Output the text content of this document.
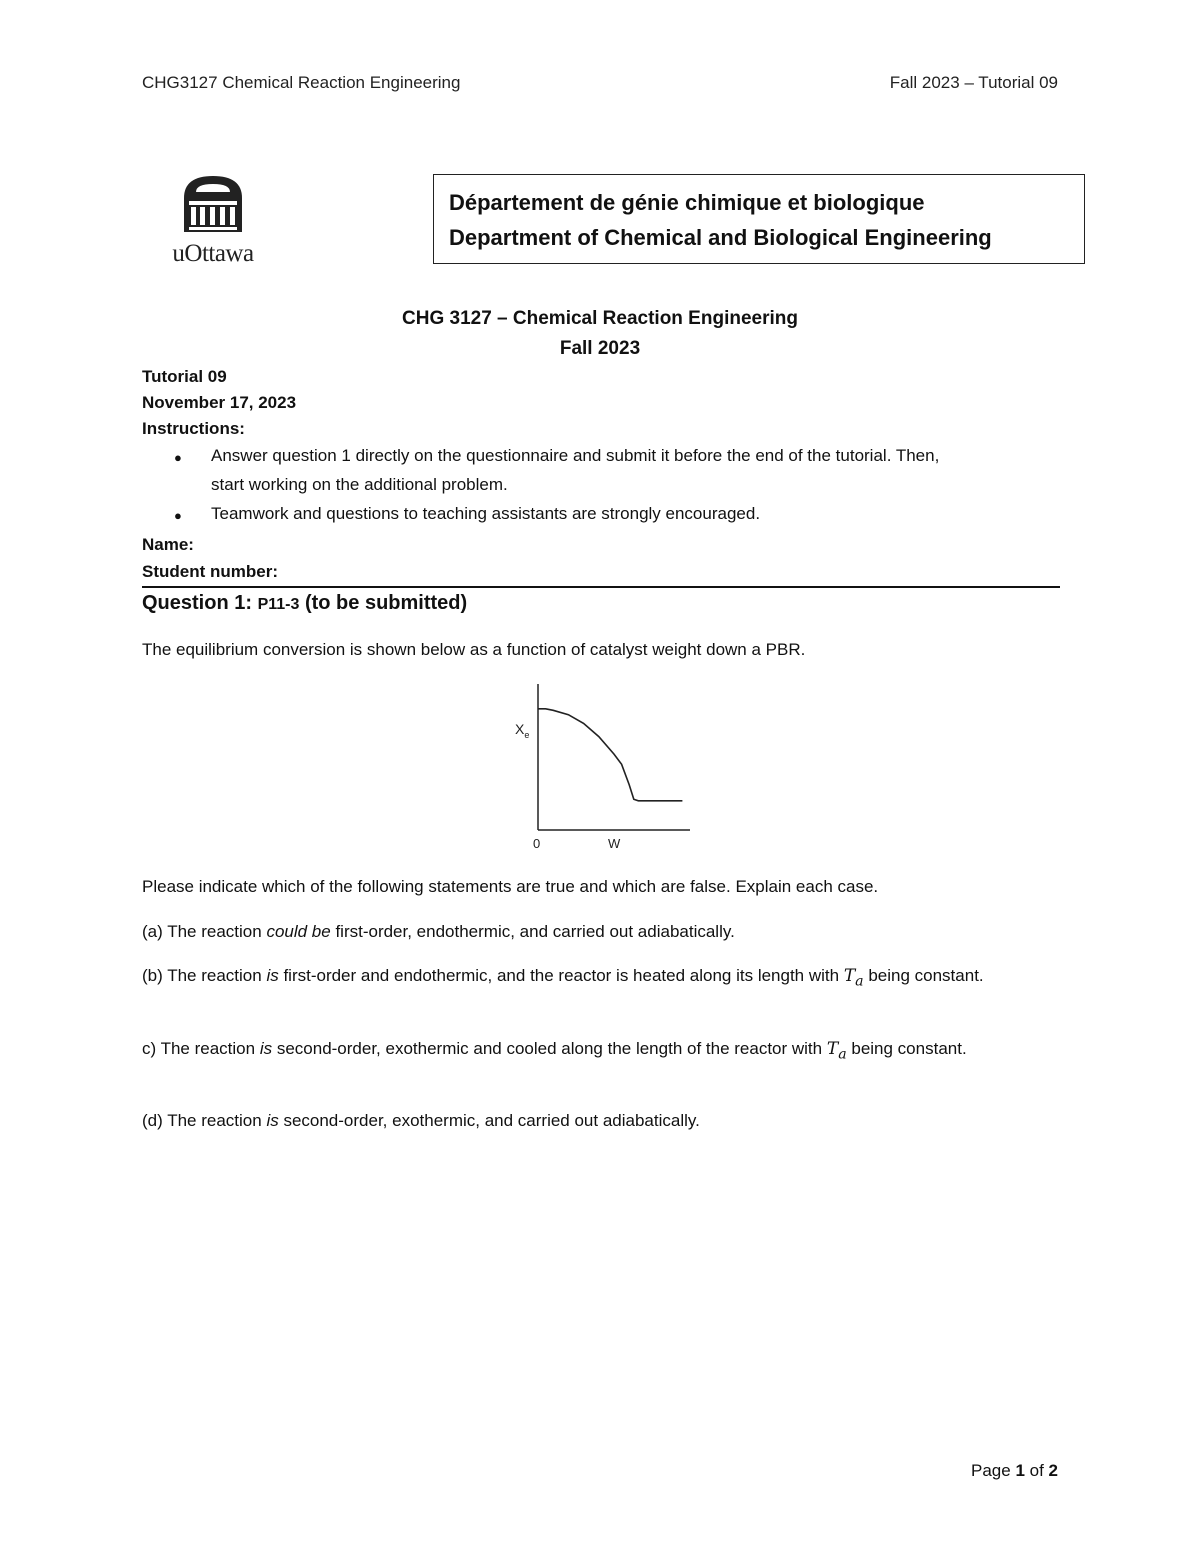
CHG3127 Chemical Reaction Engineering	Fall 2023 – Tutorial 09
uOttawa
Département de génie chimique et biologique
Department of Chemical and Biological Engineering
CHG 3127 – Chemical Reaction Engineering
Fall 2023
Tutorial 09
November 17, 2023
Instructions:
● Answer question 1 directly on the questionnaire and submit it before the end of the tutorial. Then,
start working on the additional problem.
● Teamwork and questions to teaching assistants are strongly encouraged.
Name:
Student number:
Question 1: P11-3 (to be submitted)
The equilibrium conversion is shown below as a function of catalyst weight down a PBR.
$X_e$
0	W
Please indicate which of the following statements are true and which are false. Explain each case.
(a) The reaction could be first-order, endothermic, and carried out adiabatically.
(b) The reaction is first-order and endothermic, and the reactor is heated along its length with $T_a$ being constant.
c) The reaction is second-order, exothermic and cooled along the length of the reactor with $T_a$ being constant.
(d) The reaction is second-order, exothermic, and carried out adiabatically.
Page 1 of 2
